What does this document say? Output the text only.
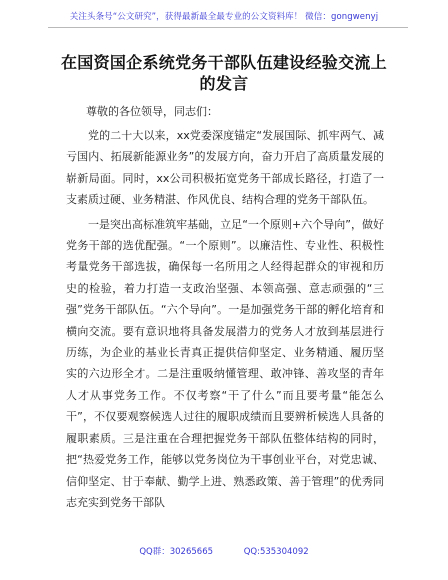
关注头条号“公文研究”，获得最新最全最专业的公文资料库！ 微信：gongwenyj
在国资国企系统党务干部队伍建设经验交流上的发言
尊敬的各位领导，同志们：

党的二十大以来，xx党委深度锚定“发展国际、抓牢两气、减亏国内、拓展新能源业务”的发展方向，奋力开启了高质量发展的崭新局面。同时，xx公司积极拓宽党务干部成长路径，打造了一支素质过硬、业务精湛、作风优良、结构合理的党务干部队伍。

一是突出高标准筑牢基础，立足“一个原则+六个导向”，做好党务干部的选优配强。“一个原则”。以廉洁性、专业性、积极性考量党务干部选拔，确保每一名所用之人经得起群众的审视和历史的检验，着力打造一支政治坚强、本领高强、意志顽强的“三强”党务干部队伍。“六个导向”。一是加强党务干部的孵化培育和横向交流。要有意识地将具备发展潜力的党务人才放到基层进行历练，为企业的基业长青真正提供信仰坚定、业务精通、履历坚实的六边形全才。二是注重吸纳懂管理、敢冲锋、善攻坚的青年人才从事党务工作。不仅考察“干了什么”而且要考量“能怎么干”，不仅要观察候选人过往的履职成绩而且要辨析候选人具备的履职素质。三是注重在合理把握党务干部队伍整体结构的同时，把“热爱党务工作，能够以党务岗位为干事创业平台，对党忠诚、信仰坚定、甘于奉献、勤学上进、熟悉政策、善于管理”的优秀同志充实到党务干部队

QQ群：30265665	QQ:535304092
